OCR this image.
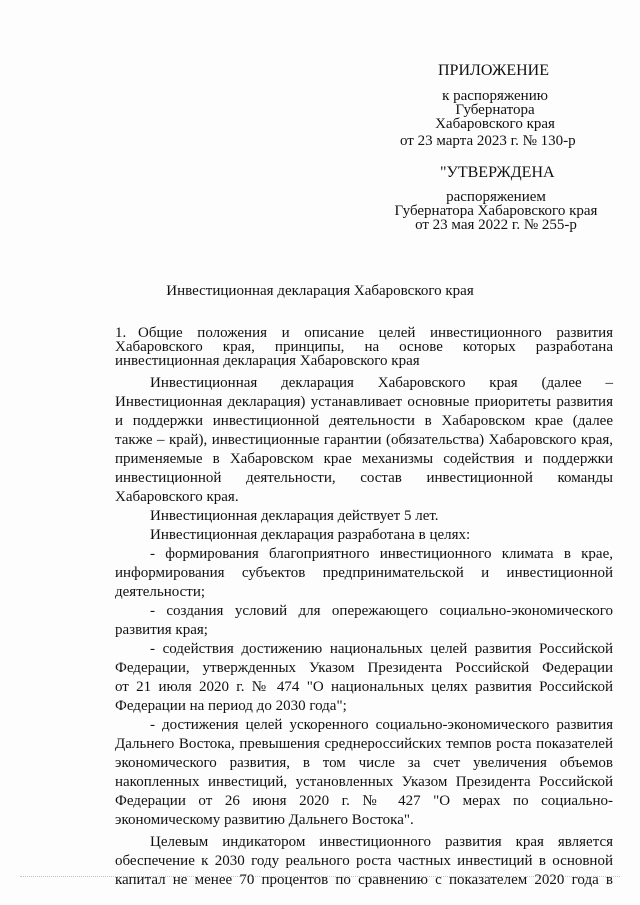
ПРИЛОЖЕНИЕ
к распоряжению
Губернатора
Хабаровского края
от 23 марта 2023 г. № 130-р
"УТВЕРЖДЕНА
распоряжением
Губернатора Хабаровского края
от 23 мая 2022 г. № 255-р
Инвестиционная декларация Хабаровского края
1. Общие положения и описание целей инвестиционного развития
Хабаровского края, принципы, на основе которых разработана
инвестиционная декларация Хабаровского края
Инвестиционная декларация Хабаровского края (далее –
Инвестиционная декларация) устанавливает основные приоритеты развития
и поддержки инвестиционной деятельности в Хабаровском крае (далее
также – край), инвестиционные гарантии (обязательства) Хабаровского края,
применяемые в Хабаровском крае механизмы содействия и поддержки
инвестиционной деятельности, состав инвестиционной команды
Хабаровского края.
Инвестиционная декларация действует 5 лет.
Инвестиционная декларация разработана в целях:
- формирования благоприятного инвестиционного климата в крае,
информирования субъектов предпринимательской и инвестиционной
деятельности;
- создания условий для опережающего социально-экономического
развития края;
- содействия достижению национальных целей развития Российской
Федерации, утвержденных Указом Президента Российской Федерации
от 21 июля 2020 г. № 474 "О национальных целях развития Российской
Федерации на период до 2030 года";
- достижения целей ускоренного социально-экономического развития
Дальнего Востока, превышения среднероссийских темпов роста показателей
экономического развития, в том числе за счет увеличения объемов
накопленных инвестиций, установленных Указом Президента Российской
Федерации от 26 июня 2020 г. № 427 "О мерах по социально-
экономическому развитию Дальнего Востока".
Целевым индикатором инвестиционного развития края является
обеспечение к 2030 году реального роста частных инвестиций в основной
капитал не менее 70 процентов по сравнению с показателем 2020 года в
